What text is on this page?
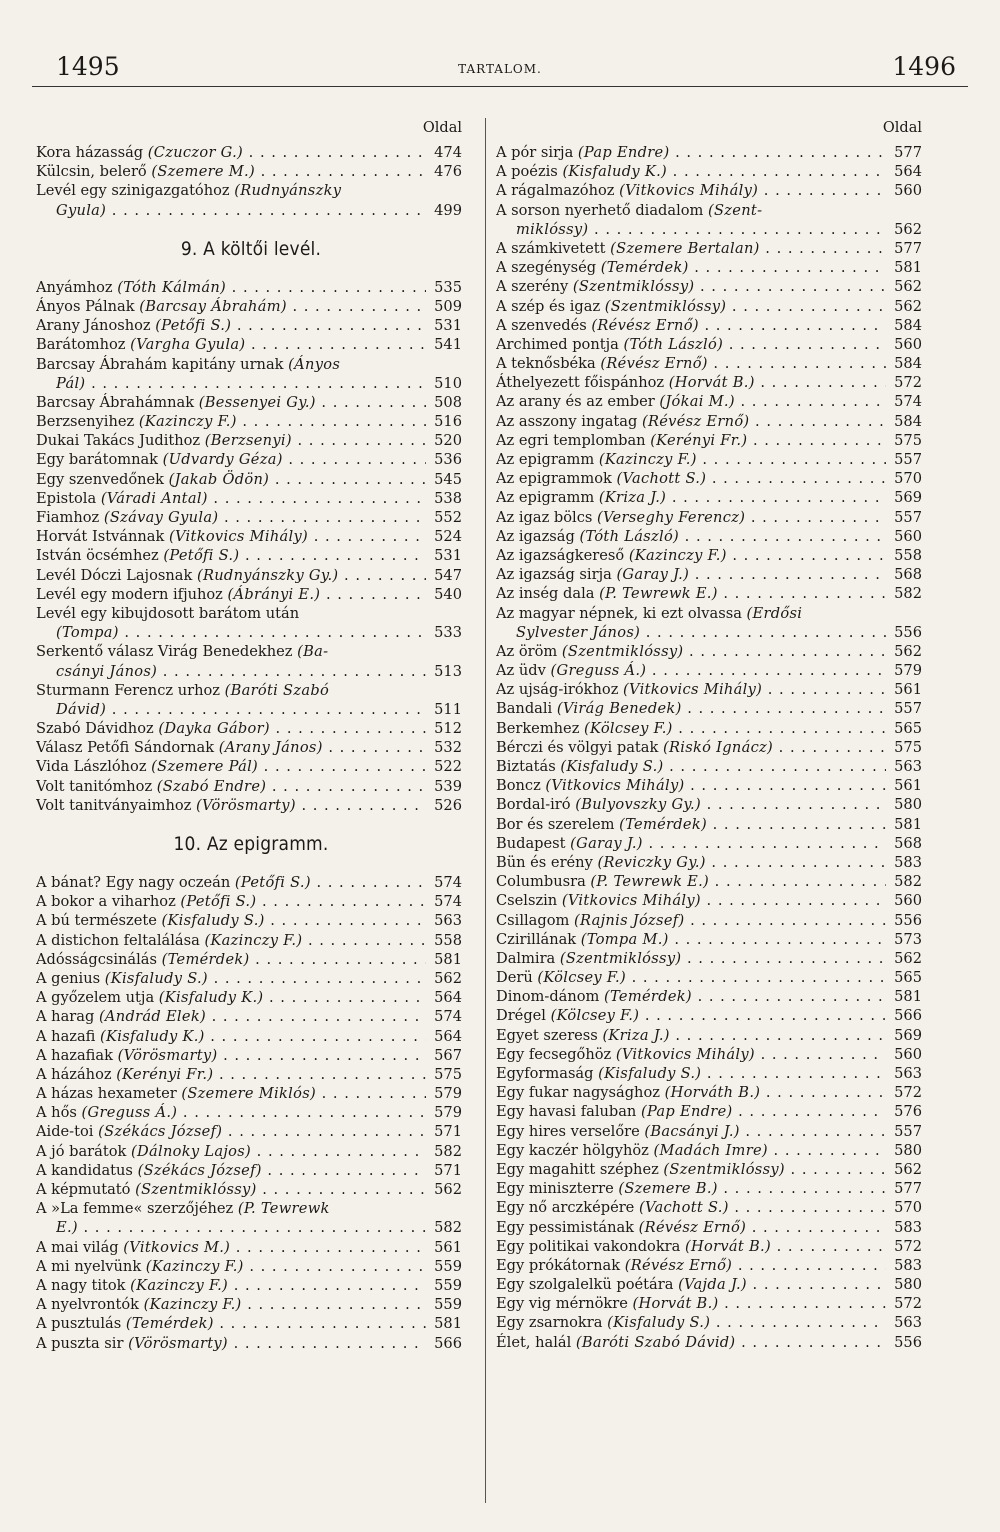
1495	TARTALOM.	1496
Oldal
Kora házasság (Czuczor G.) . . .	474
Külcsin, belerő (Szemere M.) . . .	476
Levél egy szinigazgatóhoz (Rudnyánszky
Gyula) . . .	499
9. A költői levél.
Anyámhoz (Tóth Kálmán) . . .	535
Ányos Pálnak (Barcsay Ábrahám) . . .	509
Arany Jánoshoz (Petőfi S.) . . .	531
Barátomhoz (Vargha Gyula) . . .	541
Barcsay Ábrahám kapitány urnak (Ányos
Pál) . . .	510
Barcsay Ábrahámnak (Bessenyei Gy.) . . .	508
Berzsenyihez (Kazinczy F.) . . .	516
Dukai Takács Judithoz (Berzsenyi) . . .	520
Egy barátomnak (Udvardy Géza) . . .	536
Egy szenvedőnek (Jakab Ödön) . . .	545
Epistola (Váradi Antal) . . .	538
Fiamhoz (Szávay Gyula) . . .	552
Horvát Istvánnak (Vitkovics Mihály) . . .	524
István öcsémhez (Petőfi S.) . . .	531
Levél Dóczi Lajosnak (Rudnyánszky Gy.) . . .	547
Levél egy modern ifjuhoz (Ábrányi E.) . . .	540
Levél egy kibujdosott barátom után
(Tompa) . . .	533
Serkentő válasz Virág Benedekhez (Ba-
csányi János) . . .	513
Sturmann Ferencz urhoz (Baróti Szabó
Dávid) . . .	511
Szabó Dávidhoz (Dayka Gábor) . . .	512
Válasz Petőfi Sándornak (Arany János) . . .	532
Vida Lászlóhoz (Szemere Pál) . . .	522
Volt tanitómhoz (Szabó Endre) . . .	539
Volt tanitványaimhoz (Vörösmarty) . . .	526
10. Az epigramm.
A bánat? Egy nagy oczeán (Petőfi S.) . . .	574
A bokor a viharhoz (Petőfi S.) . . .	574
A bú természete (Kisfaludy S.) . . .	563
A distichon feltalálása (Kazinczy F.) . . .	558
Adósságcsinálás (Temérdek) . . .	581
A genius (Kisfaludy S.) . . .	562
A győzelem utja (Kisfaludy K.) . . .	564
A harag (Andrád Elek) . . .	574
A hazafi (Kisfaludy K.) . . .	564
A hazafiak (Vörösmarty) . . .	567
A házához (Kerényi Fr.) . . .	575
A házas hexameter (Szemere Miklós) . . .	579
A hős (Greguss Á.) . . .	579
Aide-toi (Székács József) . . .	571
A jó barátok (Dálnoky Lajos) . . .	582
A kandidatus (Székács József) . . .	571
A képmutató (Szentmiklóssy) . . .	562
A »La femme« szerzőjéhez (P. Tewrewk
E.) . . .	582
A mai világ (Vitkovics M.) . . .	561
A mi nyelvünk (Kazinczy F.) . . .	559
A nagy titok (Kazinczy F.) . . .	559
A nyelvrontók (Kazinczy F.) . . .	559
A pusztulás (Temérdek) . . .	581
A puszta sir (Vörösmarty) . . .	566
Oldal
A pór sirja (Pap Endre) . . .	577
A poézis (Kisfaludy K.) . . .	564
A rágalmazóhoz (Vitkovics Mihály) . . .	560
A sorson nyerhető diadalom (Szent-
miklóssy) . . .	562
A számkivetett (Szemere Bertalan) . . .	577
A szegénység (Temérdek) . . .	581
A szerény (Szentmiklóssy) . . .	562
A szép és igaz (Szentmiklóssy) . . .	562
A szenvedés (Révész Ernő) . . .	584
Archimed pontja (Tóth László) . . .	560
A teknősbéka (Révész Ernő) . . .	584
Áthelyezett főispánhoz (Horvát B.) . . .	572
Az arany és az ember (Jókai M.) . . .	574
Az asszony ingatag (Révész Ernő) . . .	584
Az egri templomban (Kerényi Fr.) . . .	575
Az epigramm (Kazinczy F.) . . .	557
Az epigrammok (Vachott S.) . . .	570
Az epigramm (Kriza J.) . . .	569
Az igaz bölcs (Verseghy Ferencz) . . .	557
Az igazság (Tóth László) . . .	560
Az igazságkereső (Kazinczy F.) . . .	558
Az igazság sirja (Garay J.) . . .	568
Az inség dala (P. Tewrewk E.) . . .	582
Az magyar népnek, ki ezt olvassa (Erdősi
Sylvester János) . . .	556
Az öröm (Szentmiklóssy) . . .	562
Az üdv (Greguss Á.) . . .	579
Az ujság-irókhoz (Vitkovics Mihály) . . .	561
Bandali (Virág Benedek) . . .	557
Berkemhez (Kölcsey F.) . . .	565
Bérczi és völgyi patak (Riskó Ignácz) . . .	575
Biztatás (Kisfaludy S.) . . .	563
Boncz (Vitkovics Mihály) . . .	561
Bordal-iró (Bulyovszky Gy.) . . .	580
Bor és szerelem (Temérdek) . . .	581
Budapest (Garay J.) . . .	568
Bün és erény (Reviczky Gy.) . . .	583
Columbusra (P. Tewrewk E.) . . .	582
Cselszin (Vitkovics Mihály) . . .	560
Csillagom (Rajnis József) . . .	556
Czirillának (Tompa M.) . . .	573
Dalmira (Szentmiklóssy) . . .	562
Derü (Kölcsey F.) . . .	565
Dinom-dánom (Temérdek) . . .	581
Drégel (Kölcsey F.) . . .	566
Egyet szeress (Kriza J.) . . .	569
Egy fecsegőhöz (Vitkovics Mihály) . . .	560
Egyformaság (Kisfaludy S.) . . .	563
Egy fukar nagysághoz (Horváth B.) . . .	572
Egy havasi faluban (Pap Endre) . . .	576
Egy hires verselőre (Bacsányi J.) . . .	557
Egy kaczér hölgyhöz (Madách Imre) . . .	580
Egy magahitt széphez (Szentmiklóssy) . . .	562
Egy miniszterre (Szemere B.) . . .	577
Egy nő arczképére (Vachott S.) . . .	570
Egy pessimistának (Révész Ernő) . . .	583
Egy politikai vakondokra (Horvát B.) . . .	572
Egy prókátornak (Révész Ernő) . . .	583
Egy szolgalelkü poétára (Vajda J.) . . .	580
Egy vig mérnökre (Horvát B.) . . .	572
Egy zsarnokra (Kisfaludy S.) . . .	563
Élet, halál (Baróti Szabó Dávid) . . .	556
